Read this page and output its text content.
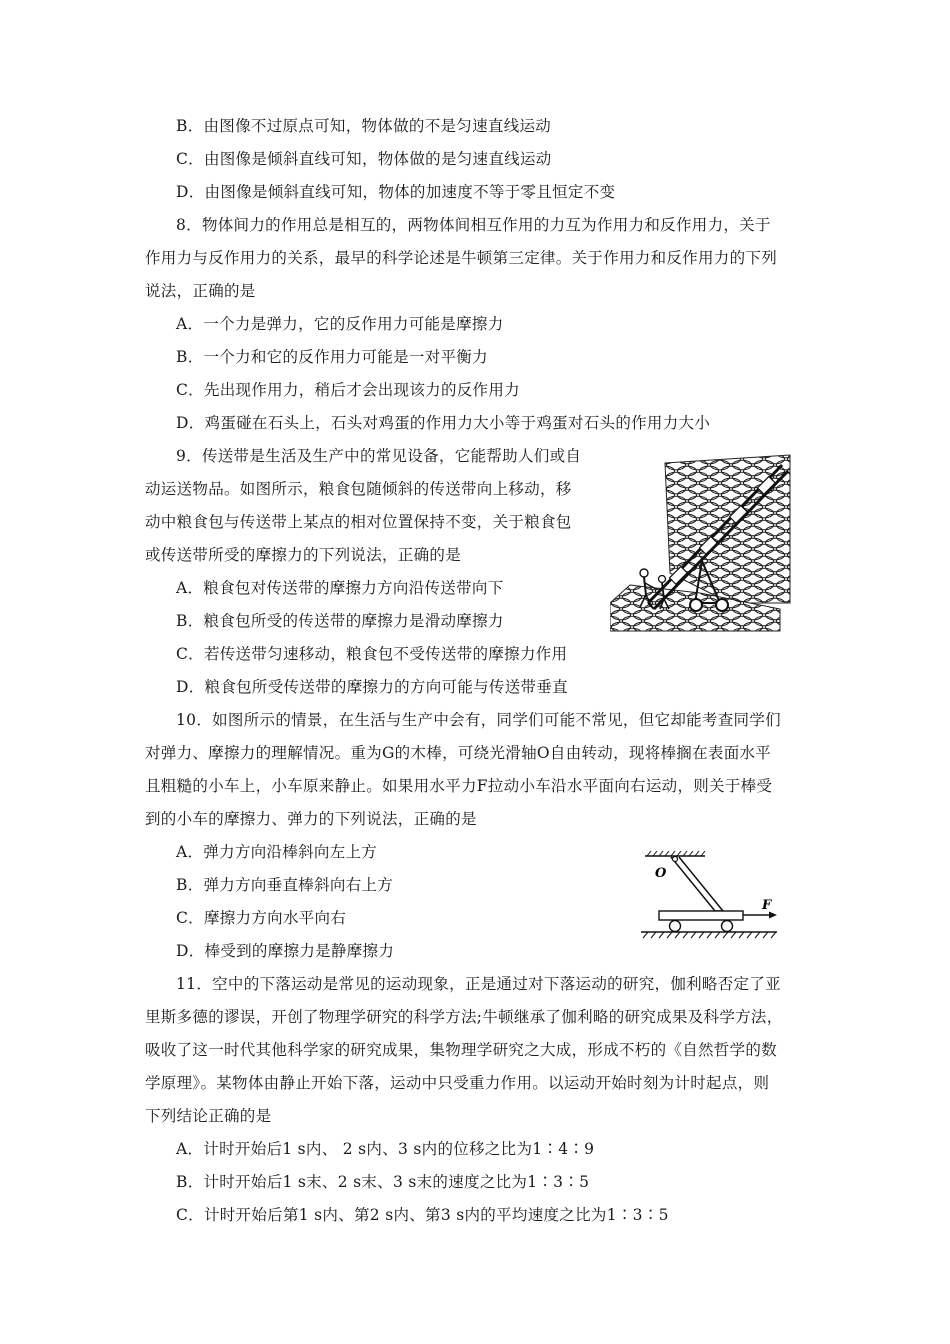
B．由图像不过原点可知，物体做的不是匀速直线运动
C．由图像是倾斜直线可知，物体做的是匀速直线运动
D．由图像是倾斜直线可知，物体的加速度不等于零且恒定不变
8．物体间力的作用总是相互的，两物体间相互作用的力互为作用力和反作用力，关于
作用力与反作用力的关系，最早的科学论述是牛顿第三定律。关于作用力和反作用力的下列
说法，正确的是
A．一个力是弹力，它的反作用力可能是摩擦力
B．一个力和它的反作用力可能是一对平衡力
C．先出现作用力，稍后才会出现该力的反作用力
D．鸡蛋碰在石头上，石头对鸡蛋的作用力大小等于鸡蛋对石头的作用力大小
9．传送带是生活及生产中的常见设备，它能帮助人们或自
动运送物品。如图所示，粮食包随倾斜的传送带向上移动，移
动中粮食包与传送带上某点的相对位置保持不变，关于粮食包
或传送带所受的摩擦力的下列说法，正确的是
A．粮食包对传送带的摩擦力方向沿传送带向下
B．粮食包所受的传送带的摩擦力是滑动摩擦力
C．若传送带匀速移动，粮食包不受传送带的摩擦力作用
D．粮食包所受传送带的摩擦力的方向可能与传送带垂直
10．如图所示的情景，在生活与生产中会有，同学们可能不常见，但它却能考查同学们
对弹力、摩擦力的理解情况。重为G的木棒，可绕光滑轴O自由转动，现将棒搁在表面水平
且粗糙的小车上，小车原来静止。如果用水平力F拉动小车沿水平面向右运动，则关于棒受
到的小车的摩擦力、弹力的下列说法，正确的是
A．弹力方向沿棒斜向左上方
B．弹力方向垂直棒斜向右上方
C．摩擦力方向水平向右
D．棒受到的摩擦力是静摩擦力
O
F
11．空中的下落运动是常见的运动现象，正是通过对下落运动的研究，伽利略否定了亚
里斯多德的谬误，开创了物理学研究的科学方法;牛顿继承了伽利略的研究成果及科学方法，
吸收了这一时代其他科学家的研究成果，集物理学研究之大成，形成不朽的《自然哲学的数
学原理》。某物体由静止开始下落，运动中只受重力作用。以运动开始时刻为计时起点，则
下列结论正确的是
A．计时开始后1 s内、 2 s内、3 s内的位移之比为1∶4∶9
B．计时开始后1 s末、2 s末、3 s末的速度之比为1∶3∶5
C．计时开始后第1 s内、第2 s内、第3 s内的平均速度之比为1∶3∶5
